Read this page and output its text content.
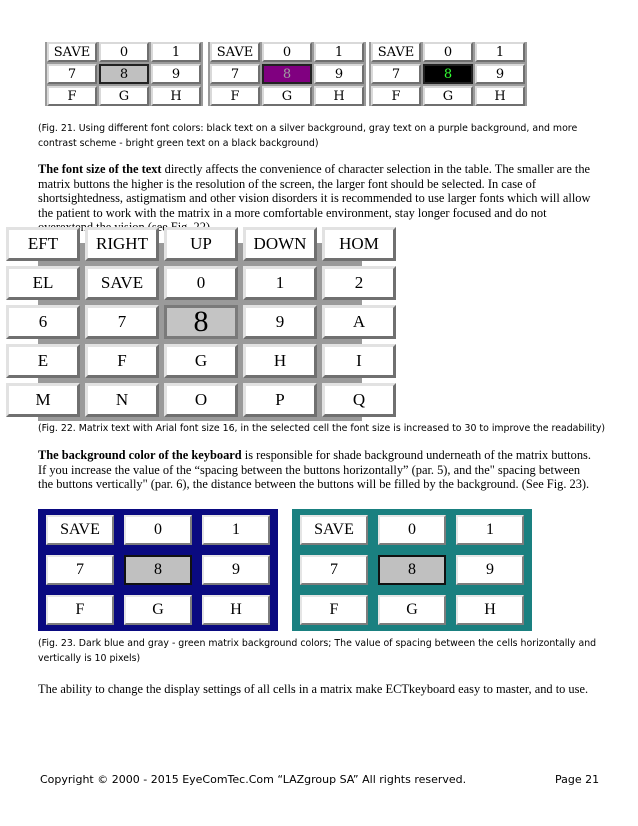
SAVE	0	1
7	8	9
F	G	H
SAVE	0	1
7	8	9
F	G	H
SAVE	0	1
7	8	9
F	G	H
(Fig. 21. Using different font colors: black text on a silver background, gray text on a purple background, and more
contrast scheme - bright green text on a black background)
The font size of the text directly affects the convenience of character selection in the table. The smaller are the
matrix buttons the higher is the resolution of the screen, the larger font should be selected. In case of
shortsightedness, astigmatism and other vision disorders it is recommended to use larger fonts which will allow
the patient to work with the matrix in a more comfortable environment, stay longer focused and do not
EFT	RIGHT	UP	DOWN	HOM
EL	SAVE	0	1	2
6	7	8	9	A
E	F	G	H	I
M	N	O	P	Q
(Fig. 22. Matrix text with Arial font size 16, in the selected cell the font size is increased to 30 to improve the readability)
The background color of the keyboard is responsible for shade background underneath of the matrix buttons.
If you increase the value of the “spacing between the buttons horizontally” (par. 5), and the" spacing between
the buttons vertically" (par. 6), the distance between the buttons will be filled by the background. (See Fig. 23).
SAVE	0	1
7	8	9
F	G	H
SAVE	0	1
7	8	9
F	G	H
(Fig. 23. Dark blue and gray - green matrix background colors; The value of spacing between the cells horizontally and
vertically is 10 pixels)
The ability to change the display settings of all cells in a matrix make ECTkeyboard easy to master, and to use.
Copyright © 2000 - 2015 EyeComTec.Com “LAZgroup SA” All rights reserved.	Page 21
